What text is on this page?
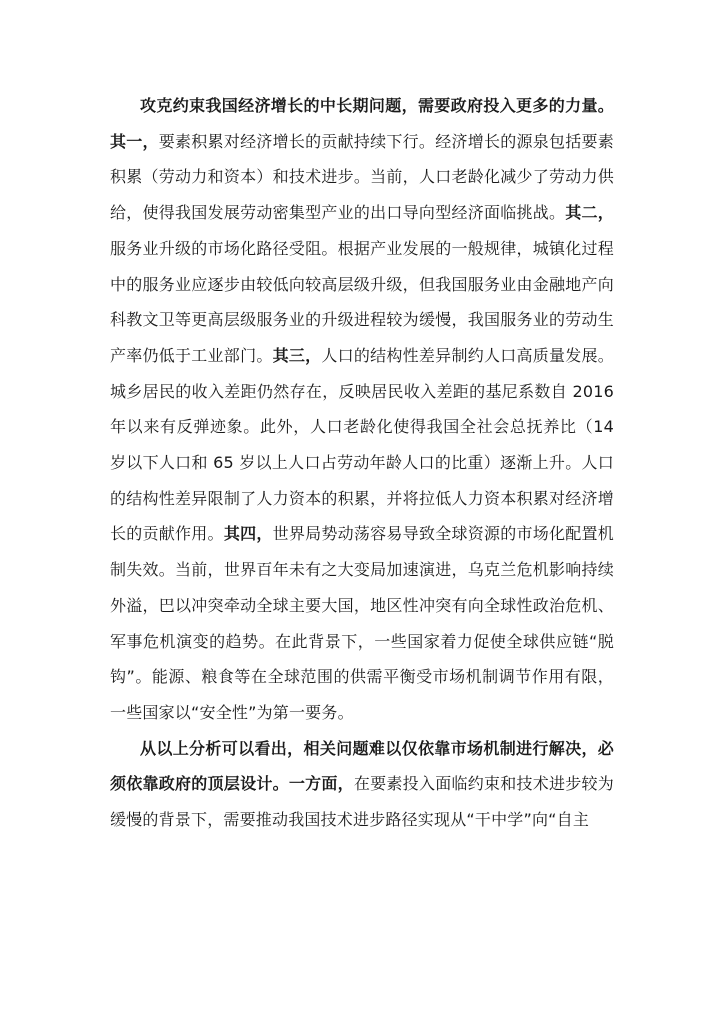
攻克约束我国经济增长的中长期问题，需要政府投入更多的力量。其一，要素积累对经济增长的贡献持续下行。经济增长的源泉包括要素积累（劳动力和资本）和技术进步。当前，人口老龄化减少了劳动力供给，使得我国发展劳动密集型产业的出口导向型经济面临挑战。其二，服务业升级的市场化路径受阻。根据产业发展的一般规律，城镇化过程中的服务业应逐步由较低向较高层级升级，但我国服务业由金融地产向科教文卫等更高层级服务业的升级进程较为缓慢，我国服务业的劳动生产率仍低于工业部门。其三，人口的结构性差异制约人口高质量发展。城乡居民的收入差距仍然存在，反映居民收入差距的基尼系数自 2016 年以来有反弹迹象。此外，人口老龄化使得我国全社会总抚养比（14 岁以下人口和 65 岁以上人口占劳动年龄人口的比重）逐渐上升。人口的结构性差异限制了人力资本的积累，并将拉低人力资本积累对经济增长的贡献作用。其四，世界局势动荡容易导致全球资源的市场化配置机制失效。当前，世界百年未有之大变局加速演进，乌克兰危机影响持续外溢，巴以冲突牵动全球主要大国，地区性冲突有向全球性政治危机、军事危机演变的趋势。在此背景下，一些国家着力促使全球供应链“脱钩”。能源、粮食等在全球范围的供需平衡受市场机制调节作用有限，一些国家以“安全性”为第一要务。

从以上分析可以看出，相关问题难以仅依靠市场机制进行解决，必须依靠政府的顶层设计。一方面，在要素投入面临约束和技术进步较为缓慢的背景下，需要推动我国技术进步路径实现从“干中学”向“自主
